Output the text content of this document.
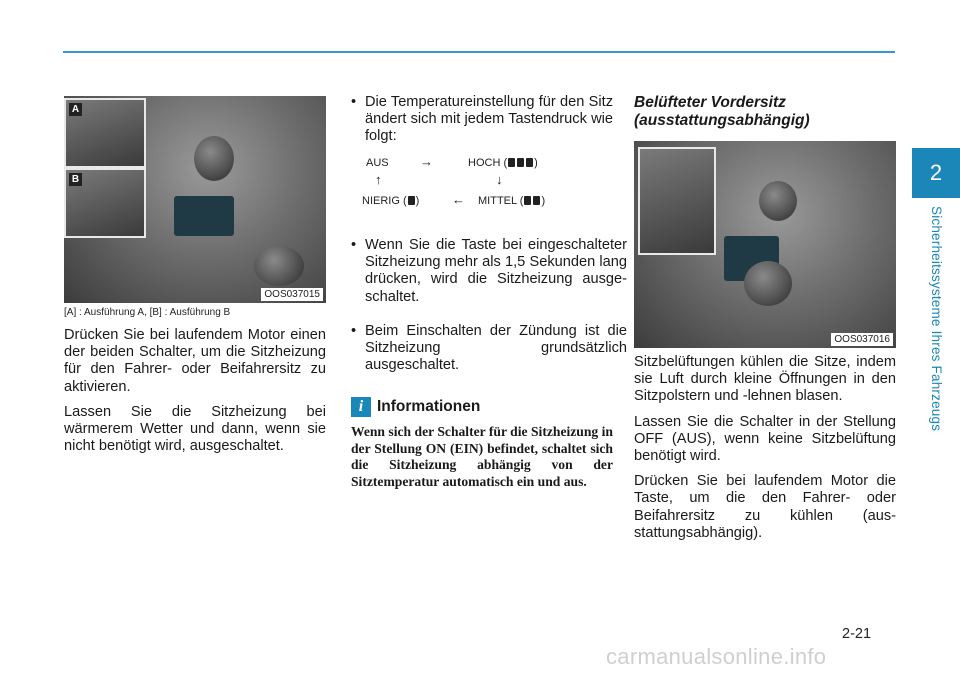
2
Sicherheitssysteme Ihres Fahrzeugs
A
B
OOS037015
[A] : Ausführung A, [B] : Ausführung B

Drücken Sie bei laufendem Motor einen der beiden Schalter, um die Sitzheizung für den Fahrer- oder Beifahrersitz zu aktivieren.

Lassen Sie die Sitzheizung bei wärmerem Wetter und dann, wenn sie nicht benötigt wird, ausgeschaltet.

• Die Temperatureinstellung für den Sitz ändert sich mit jedem Tastendruck wie folgt:
AUS →	HOCH ( )
↑	↓
NIERIG ( )	← MITTEL ( )
• Wenn Sie die Taste bei eingeschalteter Sitzheizung mehr als 1,5 Sekunden lang drücken, wird die Sitzheizung ausge-schaltet.
• Beim Einschalten der Zündung ist die Sitzheizung grundsätzlich ausgeschaltet.
i Informationen
Wenn sich der Schalter für die Sitzheizung in der Stellung ON (EIN) befindet, schaltet sich die Sitzheizung abhängig von der Sitztemperatur automatisch ein und aus.
Belüfteter Vordersitz (ausstattungsabhängig)
OOS037016

Sitzbelüftungen kühlen die Sitze, indem sie Luft durch kleine Öffnungen in den Sitzpolstern und -lehnen blasen.

Lassen Sie die Schalter in der Stellung OFF (AUS), wenn keine Sitzbelüftung benötigt wird.

Drücken Sie bei laufendem Motor die Taste, um die den Fahrer- oder Beifahrersitz zu kühlen (aus-stattungsabhängig).

2-21
carmanualsonline.info
